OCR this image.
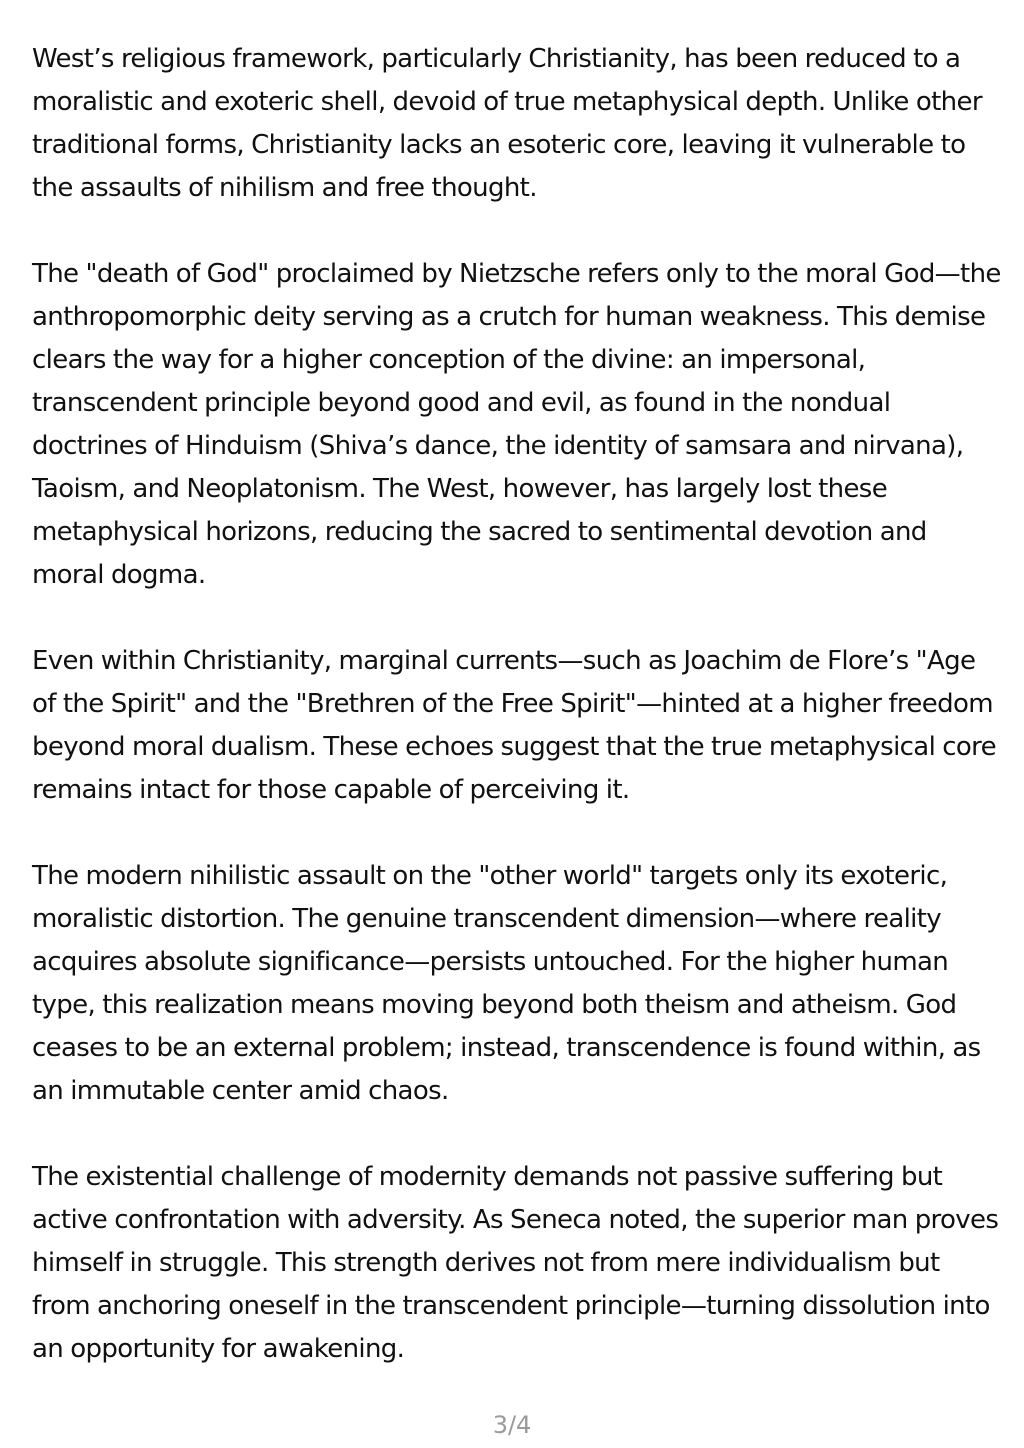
West’s religious framework, particularly Christianity, has been reduced to a moralistic and exoteric shell, devoid of true metaphysical depth. Unlike other traditional forms, Christianity lacks an esoteric core, leaving it vulnerable to the assaults of nihilism and free thought.

The "death of God" proclaimed by Nietzsche refers only to the moral God—the anthropomorphic deity serving as a crutch for human weakness. This demise clears the way for a higher conception of the divine: an impersonal, transcendent principle beyond good and evil, as found in the nondual doctrines of Hinduism (Shiva’s dance, the identity of samsara and nirvana), Taoism, and Neoplatonism. The West, however, has largely lost these metaphysical horizons, reducing the sacred to sentimental devotion and moral dogma.

Even within Christianity, marginal currents—such as Joachim de Flore’s "Age of the Spirit" and the "Brethren of the Free Spirit"—hinted at a higher freedom beyond moral dualism. These echoes suggest that the true metaphysical core remains intact for those capable of perceiving it.

The modern nihilistic assault on the "other world" targets only its exoteric, moralistic distortion. The genuine transcendent dimension—where reality acquires absolute significance—persists untouched. For the higher human type, this realization means moving beyond both theism and atheism. God ceases to be an external problem; instead, transcendence is found within, as an immutable center amid chaos.

The existential challenge of modernity demands not passive suffering but active confrontation with adversity. As Seneca noted, the superior man proves himself in struggle. This strength derives not from mere individualism but from anchoring oneself in the transcendent principle—turning dissolution into an opportunity for awakening.

3/4
